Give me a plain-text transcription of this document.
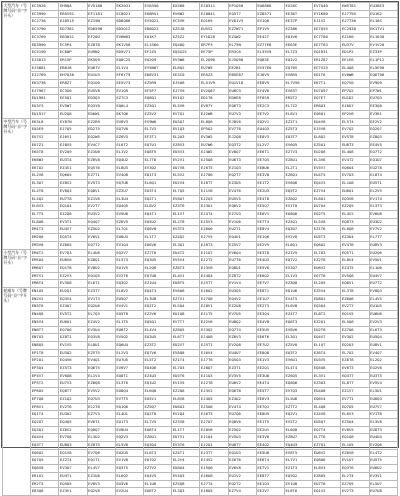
大型汽车（号牌号码“京”字开头）	EC3926	EH9QA	EV5188	EK2031	EV8356	EX568	EJ8311	EP1Q50	EU6860	EX26C	EV7Q40	EW5T81	EU38E3
	EC3990	EB5V91	EF1181	EC8021	EK8R51	EV6W2	EJ8841	EQ5T7	EZ8571	EE36T	EY1K80	EJ7T95	EU1K2
	EC2736	EJ8515	EZ19N	ED6Q66	EV5Q21	EC5VK	EQ1K5	EV81V3	EV1Q8	EE37P	EJ1V2	EJ7T36	EL16S
	EC3790	ED7381	ED6598	ED5Q12	ED6Q22	EZ5J8	EU5V2	EZ7W71	EP1V5	EZ38K	EE7Q55	EC2938	EK1TV1
	EC3769	EB3031	EF20U	EV6W83	EU1K7	EZ5Z2	EY1D28	EZ4W2	EE42T	EU3V6	EC7T80	EZ1K0	EL1630
	ED3990	EC5P4	EZ8T8	EK1V58	EL1S60	EQ48Q	ER7P3	EL75N	EZ77E8	EE63E	EE7T63	EU37V	EV1V20
	EC5190	EC60P	EU9N2	ED5V71	EF2Z5	EQ5X25	EE75P	ER3C6	EL55V9	EL7Z3	EQ1R31	ED1P2	EZ33P
	EJ3013	ER15P	EK5Q9	EQ8C25	EU2Q9	EV3W8	EL2Q96	EJ5Q98	EQ85E	EQ1V2	ER1Z87	EE1E6	EL1P12
	EJ3881	EB8J6	EU67V	EL1V4	EY5N67	EL8Q2	EU7W5	EE2B1	EV37E6	EQ70V	EE7V25	EL4Q8	EL5E90
	EJ2769	EH7Q36	EU1U3	EF6Y79	ED8V31	EE3C0	ER5Z3	EB5E67	EJ6V5	EV6R5	ED1T6	EV6W6	EQ6T90
	EK3736	ER8Z7	EQ1Q0	EE5V73	EZ5R9	EJ5U6	EL51V9	EU1V18	EE8V5	EL7V56	EK7T1	EQ7V0	EV9Q9
	EJ7967	EC3G6	EU5V8	EV1Q9	EF5P7	EJ7V9	EV2Q87	EU6C9	EY4V6	EV63T	EU7Q97	EP7Q2	EP7W1
	EU1981	EE5Q1	ED3Q3	EZ7C3	EQ8Q1	EV1Q2	ED1T8	ED6E8	EF8S9	ER5T2	EQ7E7	EU1D2	EU7Q3
	EU3Y3	EV5W7	EQ3Y8	EQ6L4	EZ5Q1	EL5V6	EV87Y	EQ6T3	EE2C3	EL7Z2	ER8U3	EJ6U7	EE3Q8
	EU1917	EU2Q8	ED6W1	EK7Q6	EZ5V2	EV7Q1	EJ2W8	EU7V3	EE7V2	EL8V1	EQ6Q1	EP2V6	EV3K1
中型汽车（号牌号码“京”字开头）	EK3L8	EY87N	EZ2R9	EV8V3	EV9W6	EU3Q7	EL8Q6	EJ8V6	EQ2V1	EZ2T1	EU4V8	EL5T4	EE2V2
	EU5E9	EJ7Q5	ED2T5	EQ7V8	EL7V3	EV1Q3	EP5Q2	EV7T8	EU4Q3	EZ5T3	EJ5V8	EV7Q2	EQ2Q7
	EU7V2	EJ6V1	EQ2W5	EZ6V3	EF3T1	EL2U3	EV3W2	EJ2Q8	EE8V3	EU3T7	EL8Q2	EV5T8	EZ8Q3
	EU7Z1	EJ8V5	EV4C7	EL6T2	EQ7U1	EZ8V3	EU7W6	EQ3T2	EL2V7	EV6Q5	EZ5U1	EU8T3	EE4V5
	EK5T8	EV2Q9	EZ3U6	EL1V2	EQ8T5	EU5V3	EJ4W2	EV8Q7	EE6T1	EZ7V3	EU2Q6	EL4U8	EQ7T2
	EK6W3	EU3T4	EZ6V8	EQ4U2	EL7T6	EV2V1	EJ5Q8	EU6T3	EE7Q5	EZ8U1	EL3V6	EV4T2	EQ1U7
	EK7U2	EZ4V1	EQ5T6	EL8U3	EV3Q2	EU7V8	EJ6T5	EZ1Q3	EE8U6	EL2T1	EV5V7	EQ6U4	EU2T8
	EL2V6	EQ6U5	EZ7T1	EV4Q8	EU1T3	EL5V2	EJ7U6	EQ2T7	EE3V8	EZ6Q1	EU4T5	EV7U3	EL8T4
	EL3U7	EZ8V2	EV5T3	EQ7U6	EL6Q1	EU2V4	EJ8T7	EZ3U5	EE1T2	EV8Q6	EQ4V3	EL1U8	EU5T1
	EL4T8	EV6Q3	EQ8V1	EZ2U7	EU3T4	EL7Q5	EJ1V8	EV4T6	EE2U3	EQ5T2	EZ7V4	EU6Q1	EL2V5
	EL5Q2	EU7T8	EZ1V6	EL3U4	EQ2T1	EV8U7	EJ2Q3	EU5V5	EE4T8	EZ8Q2	EL6U1	EQ3V6	EV1T4
	EL6V3	EQ1U4	EV2T7	EU4Q5	EL8V2	EZ3T6	EJ3U1	EQ6V2	EE5Q7	EV1T8	EU7U4	EZ2Q5	EL3T3
	EL7T5	EZ2Q8	EU3V2	EV5U6	EQ4T1	EL1V7	EJ4T4	EZ7U3	EE6V1	EU8Q6	EQ2T5	EL4V2	EV6U8
	EL8U6	EV3T1	EQ4Q7	EZ6V5	EU5U2	EL2T8	EJ5V3	EV1U6	EE7T4	EZ4Q1	EL5V8	EQ8T3	EU3U2
	EM1T3	EU4V7	EZ5U2	EL7Q1	EQ6V8	EV3T5	EJ6Q6	EU2T1	EE8V4	EQ3U7	EZ1T6	EL6Q8	EV7V2
	EM2Q6	EQ5T4	EV6V1	EU8U3	EL1T7	EZ4Q2	EJ7V5	EQ4U1	EE1Q6	EV2V8	EU5T3	EZ3U4	EL7T7
	EM3V8	EZ6U5	EQ7T2	EV1Q4	EU6V6	EL3U1	EJ8T3	EZ5V7	EE2V5	EL8Q1	EQ6U2	EV4T6	EU8V3
小型汽车（号牌号码“京”字开头）	EM4T2	EV7Q3	EL4U6	EQ2V7	EZ7T8	EU4T2	EJ1U7	EV6Q4	EE3T8	EZ1V5	EL7U3	EQ5T1	EU2Q6
	EM5U4	EU8V6	EZ8Q1	EL5T3	EQ3U5	EV5V4	EJ2T2	EU7T6	EE4U3	EQ7V2	EZ2T8	EL8V4	EV5U1
	EM6Q7	EQ1T8	EV8U2	EU1V5	EL2Q6	EZ6T3	EJ3V8	EQ8U1	EE5V6	EV3Q7	EU6V2	EZ4T5	EL1U6
	EM7V1	EZ2V3	EQ1Q5	EV2T6	EU7U8	EL4V1	EJ4Q4	EZ8T2	EE6Q2	EL1V3	EQ7T6	EV5Q8	EU4V7
	EM8T4	EV3U8	EL6T1	EQ3Q2	EZ1U4	EU8T5	EJ5T7	EV1V4	EE7V7	EZ3Q8	EL2U5	EQ8V1	EU7T2
轮廓车（号牌号码“京”字开头）	EN1U5	EU2Q1	EZ3T7	EL8V2	EQ4T3	EV6U6	EJ6U2	EU3Q5	EE8T1	EQ1U6	EZ5V4	EL3T8	EV8Q3
	EN2V2	EQ3V4	EV1T3	EU5Q7	EL3U8	EZ7V1	EJ7Q8	EQ4V2	EE1U7	EV4T5	EU8U1	EZ6Q6	EL4V5
	EN3T6	EZ4U7	EQ2U6	EV4V1	EU2T2	EL5Q4	EJ8V1	EZ2U8	EE2T3	EL6V8	EQ3Q4	EV2T7	EU1U5
	EN4Q8	EV5T2	EL7Q3	EQ5T8	EZ2V6	EU1Q8	EJ1T5	EV7U5	EE3Q4	EZ4T7	EL8T2	EQ1V5	EU6U6
	EN5V4	EU6U1	EZ4V2	EL1T5	EQ5Q1	EV7T7	EJ2V6	EU8Q2	EE4V8	EQ6T3	EZ2U1	EL5Q6	EV2V3
	EN6T7	EQ7Q6	EV3U4	EU6T2	EL4V4	EZ8Q5	EJ3Q2	EQ7T4	EE5U5	EV8V6	EU2T8	EZ7U6	EL6T3
	EN7U3	EZ8T1	EQ3V8	EV5Q2	EU3U5	EL6T7	EJ4U8	EZ6V3	EE6T6	EL3Q1	EQ4V7	EV3U2	EU5Q4
	EN8Q5	EV1V5	EL8U1	EQ6U4	EZ3T2	EU2V7	EJ5T1	EV2Q8	EE7U2	EZ5V8	EL1Q7	EQ2U3	EU8V1
	EP1T8	EU3Q2	EZ5T5	EL2V3	EQ7V6	EV8Q8	EJ6V4	EU4U7	EE8Q8	EQ3T2	EZ6T4	EL7U2	EV4Q7
	EP2U1	EQ4V6	EV4Q1	EU7U5	EL5T2	EZ1T4	EJ7T6	EQ5Q3	EE1V3	EV6U1	EU3V5	EZ8T8	EL2Q2
	EP3Q4	EZ5T3	EQ6T5	EV6V7	EU4Q6	EL7U3	EJ8Q7	EZ3T1	EE2Q1	EL4T4	EQ5U8	EV6T3	EU2V6
	EP4V7	EV6U8	EL1V4	EQ8T1	EZ4U3	EU5T6	EJ1U3	EV3V5	EE3U8	EZ6Q5	EL3V1	EQ4T7	EU3T5
	EP5T2	EU7V3	EZ6Q8	EL3T6	EQ1U2	EV1V5	EJ2T8	EU6V2	EE4T4	EQ8Q6	EZ3U3	EL8T7	EV5V4
	EP6U5	EQ8T7	EV5V2	EU8Q4	EL6Q8	EZ2U6	EJ3V2	EQ6T8	EE5T7	EV7Q3	EU4U8	EZ1V7	EL5U1
	EP7Q8	EZ1Q2	EQ7U3	EV7T5	EU5V1	EL8V6	EJ4Q5	EZ4U2	EE6V3	EL5U6	EQ6V4	EV7T1	EU6Q3
	EP8V1	EV2T6	EL2T8	EQ1Q6	EZ5Q7	EU6U3	EJ5U8	EV4T4	EE7Q1	EZ7T2	EL4Q8	EQ7U5	EU7V7
	EQ1T4	EU3U2	EZ7V3	EL4U1	EQ2T8	EV2Q4	EJ6T3	EU7Q6	EE8U5	EQ2V1	EZ4V6	EL6V3	EV1T8
	EQ2U7	EQ4Q5	EV6T1	EU1T3	EL7V5	EZ3V8	EJ7U7	EQ8V6	EE1T5	EV5T2	EU5Q7	EZ5Q4	EL3V8
	EQ3Q1	EZ6V2	EQ8Q7	EV8U4	EU6T4	EL1T7	EJ8V6	EZ5Q2	EE2U1	EL6Q8	EQ7T4	EV8V5	EU8T3
	EQ4V4	EV7U6	EL3U2	EQ2V3	EZ6U1	EU7V1	EJ1Q4	EV5U3	EE3V6	EZ8U7	EL7T6	EQ1Q8	EU4U4
	EQ5T7	EU8Q3	EZ8T5	EL5V8	EQ3Q4	EV3T6	EJ2U1	EU8T7	EE4Q2	EQ4U3	EZ7Q1	EL1U5	EV2Q6
	EQ6U2	EQ1V8	EV7Q6	EU2U5	EL8T3	EZ4T1	EJ3T7	EQ1U3	EE5U8	EV8T5	EU6V2	EZ6V8	EL4T2
	EQ7Q5	EZ2T4	EQ1T1	EV1V8	EU7Q2	EL2V4	EJ4V2	EZ6T6	EE6T4	EL7V1	EQ8U6	EV1U7	EU5T5
	EQ8V8	EV3Q7	EL4V7	EQ3T5	EZ7V2	EU8U4	EJ5Q6	EV6V8	EE7V1	EZ1T3	EL8V3	EQ3T6	EU6U2
	ER1U1	EU4T1	EZ1U8	EL6Q2	EQ4V5	EV4Q3	EJ6U8	EU1V2	EE8T7	EQ5Q2	EZ8U5	EL2T4	EV3V1
	ER2T3	EQ5U5	EV8V3	EU3V6	EL1U6	EZ5Q8	EJ7T4	EQ2T2	EE1Q3	EV1U8	EU7T6	EZ7Q5	EL5U7
	ER3Q6	EZ3V1	EQ2V6	EV2U4	EU8T2	EL3Q3	EJ8U5	EZ7V4	EE2V7	EL8T6	EQ1V2	EV2T3	EU7U8
